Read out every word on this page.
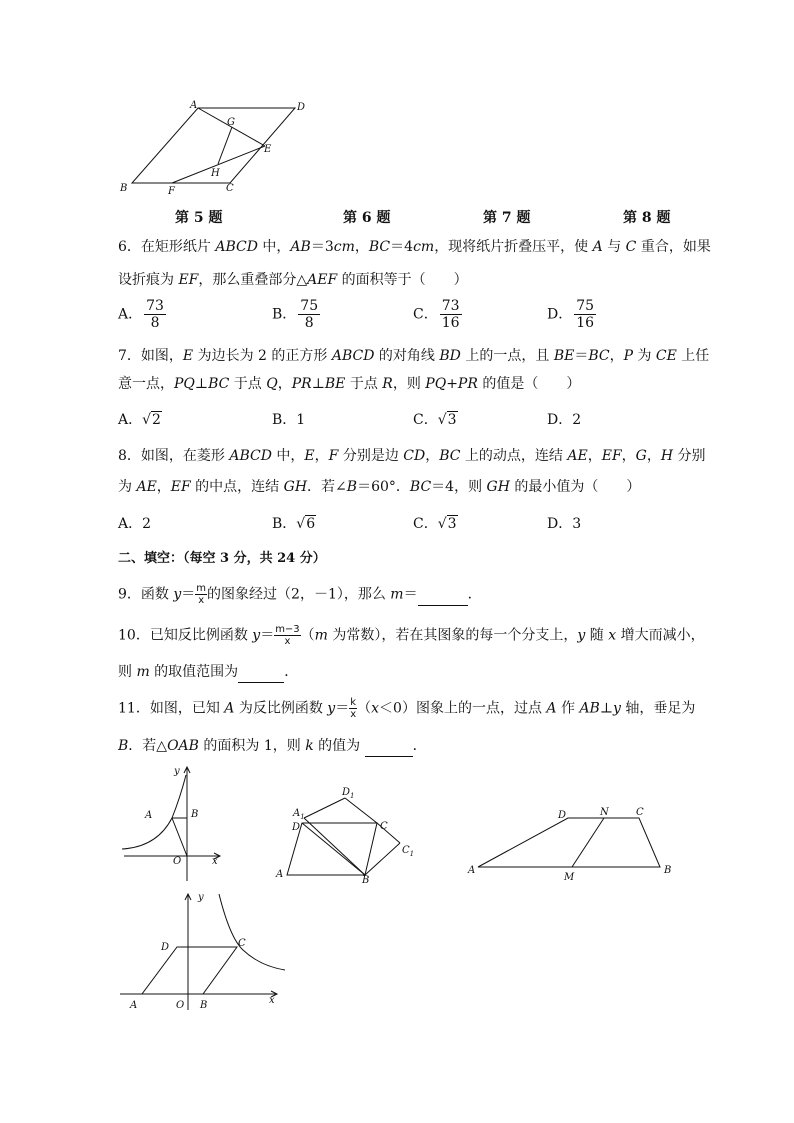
A	D
G
E
H
B	F	C
第 5 题	第 6 题	第 7 题	第 8 题
6．在矩形纸片 ABCD 中，AB＝3cm，BC＝4cm，现将纸片折叠压平，使 A 与 C 重合，如果
设折痕为 EF，那么重叠部分△AEF 的面积等于（　　）
A． $\frac{73}{8}$	B． $\frac{75}{8}$	C． $\frac{73}{16}$	D． $\frac{75}{16}$
7．如图，E 为边长为 2 的正方形 ABCD 的对角线 BD 上的一点，且 BE＝BC，P 为 CE 上任
意一点，PQ⊥BC 于点 Q，PR⊥BE 于点 R，则 PQ+PR 的值是（　　）
A．√2	B．1	C．√3	D．2
8．如图，在菱形 ABCD 中，E，F 分别是边 CD，BC 上的动点，连结 AE，EF，G，H 分别
为 AE，EF 的中点，连结 GH．若∠B＝60°．BC＝4，则 GH 的最小值为（　　）
A．2	B．√6	C．√3	D．3
二、填空：（每空 3 分，共 24 分）
9．函数 $y= \frac{m}{x}$ 的图象经过（2，－1），那么 m＝	．
10．已知反比例函数 $y= \frac{m-3}{x} (m$ 为常数），若在其图象的每一个分支上，y 随 x 增大而减小，
则 m 的取值范围为	．
11．如图，已知 A 为反比例函数 $y= \frac{k}{x} (x<0)$图象上的一点，过点 A 作 AB⊥y 轴，垂足为
B．若△OAB 的面积为 1，则 k 的值为	．
y
A	B
O	x
$A_1$
$D_1$
D	C
$C_1$
A
B
D	N	C
A
M
B
y
D	C
A	O B	x
